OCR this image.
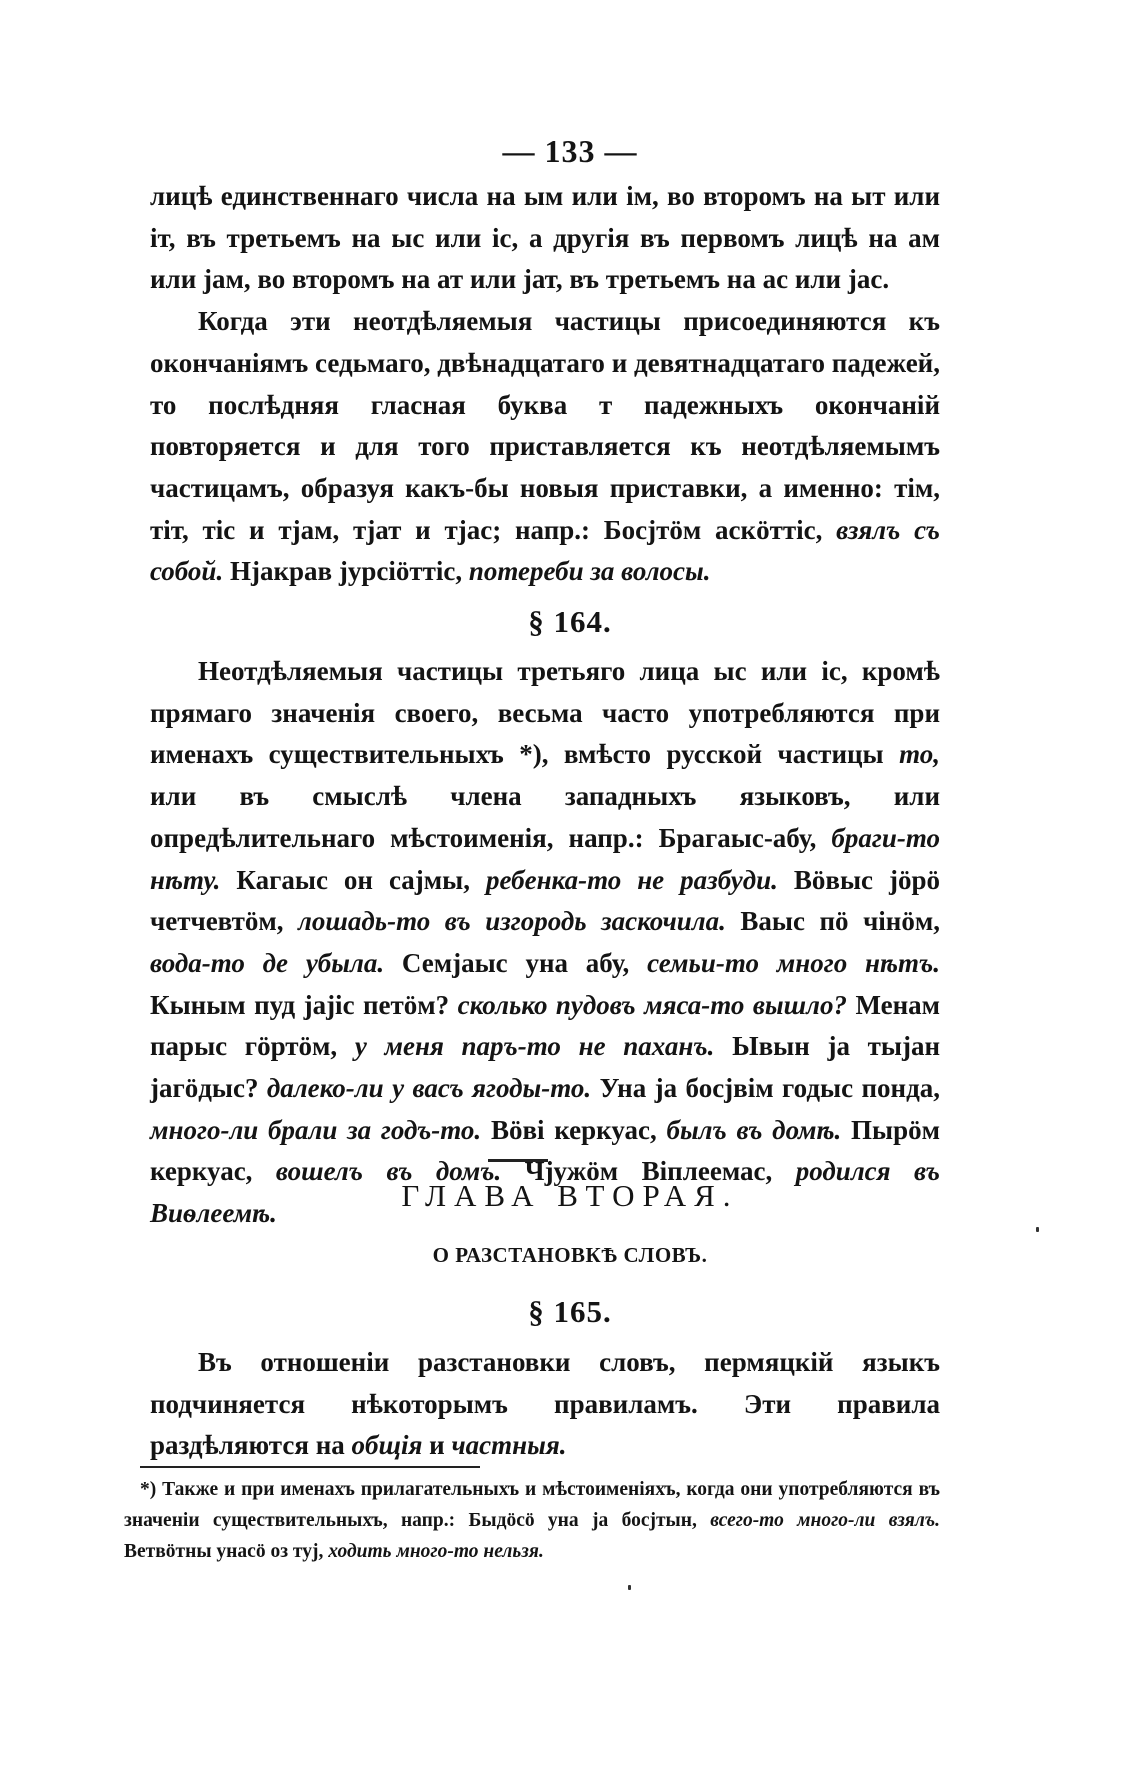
— 133 —

лицѣ единственнаго числа на ым или ім, во второмъ на ыт или іт, въ третьемъ на ыс или іс, а другія въ первомъ лицѣ на ам или jам, во второмъ на ат или jат, въ третьемъ на ас или jас.

Когда эти неотдѣляемыя частицы присоединяются къ окончаніямъ седьмаго, двѣнадцатаго и девятнадцатаго падежей, то послѣдняя гласная буква т падежныхъ окончаній повторяется и для того приставляется къ неотдѣляемымъ частицамъ, образуя какъ-бы новыя приставки, а именно: тім, тіт, тіс и тjам, тjат и тjас; напр.: Босjтöм аскöттіс, взялъ съ собой. Нjакрав jурсіöттіс, потереби за волосы.

§ 164.

Неотдѣляемыя частицы третьяго лица ыс или іс, кромѣ прямаго значенія своего, весьма часто употребляются при именахъ существительныхъ *), вмѣсто русской частицы то, или въ смыслѣ члена западныхъ языковъ, или опредѣлительнаго мѣстоименія, напр.: Брагаыс-абу, браги-то нѣту. Кагаыс он саjмы, ребенка-то не разбуди. Вöвыс jöрö четчевтöм, лошадь-то въ изгородь заскочила. Ваыс пö чiнöм, вода-то де убыла. Семjаыс уна абу, семьи-то много нѣтъ. Кыным пуд jаjіс петöм? сколько пудовъ мяса-то вышло? Менам парыс гöртöм, у меня паръ-то не паханъ. Ывын jа тыjан jагöдыс? далеко-ли у васъ ягоды-то. Уна jа босjвім годыс понда, много-ли брали за годъ-то. Вöві керкуас, былъ въ домѣ. Пырöм керкуас, вошелъ въ домъ. Чjужöм Віплеемас, родился въ Виѳлеемѣ.

ГЛАВА ВТОРАЯ.
О РАЗСТАНОВКѢ СЛОВЪ.
§ 165.

Въ отношеніи разстановки словъ, пермяцкій языкъ подчиняется нѣкоторымъ правиламъ. Эти правила раздѣляются на общія и частныя.

*) Также и при именахъ прилагательныхъ и мѣстоименіяхъ, когда они употребляются въ значеніи существительныхъ, напр.: Быдöсö уна jа босjтын, всего-то много-ли взялъ. Ветвöтны унасö оз туj, ходить много-то нельзя.
